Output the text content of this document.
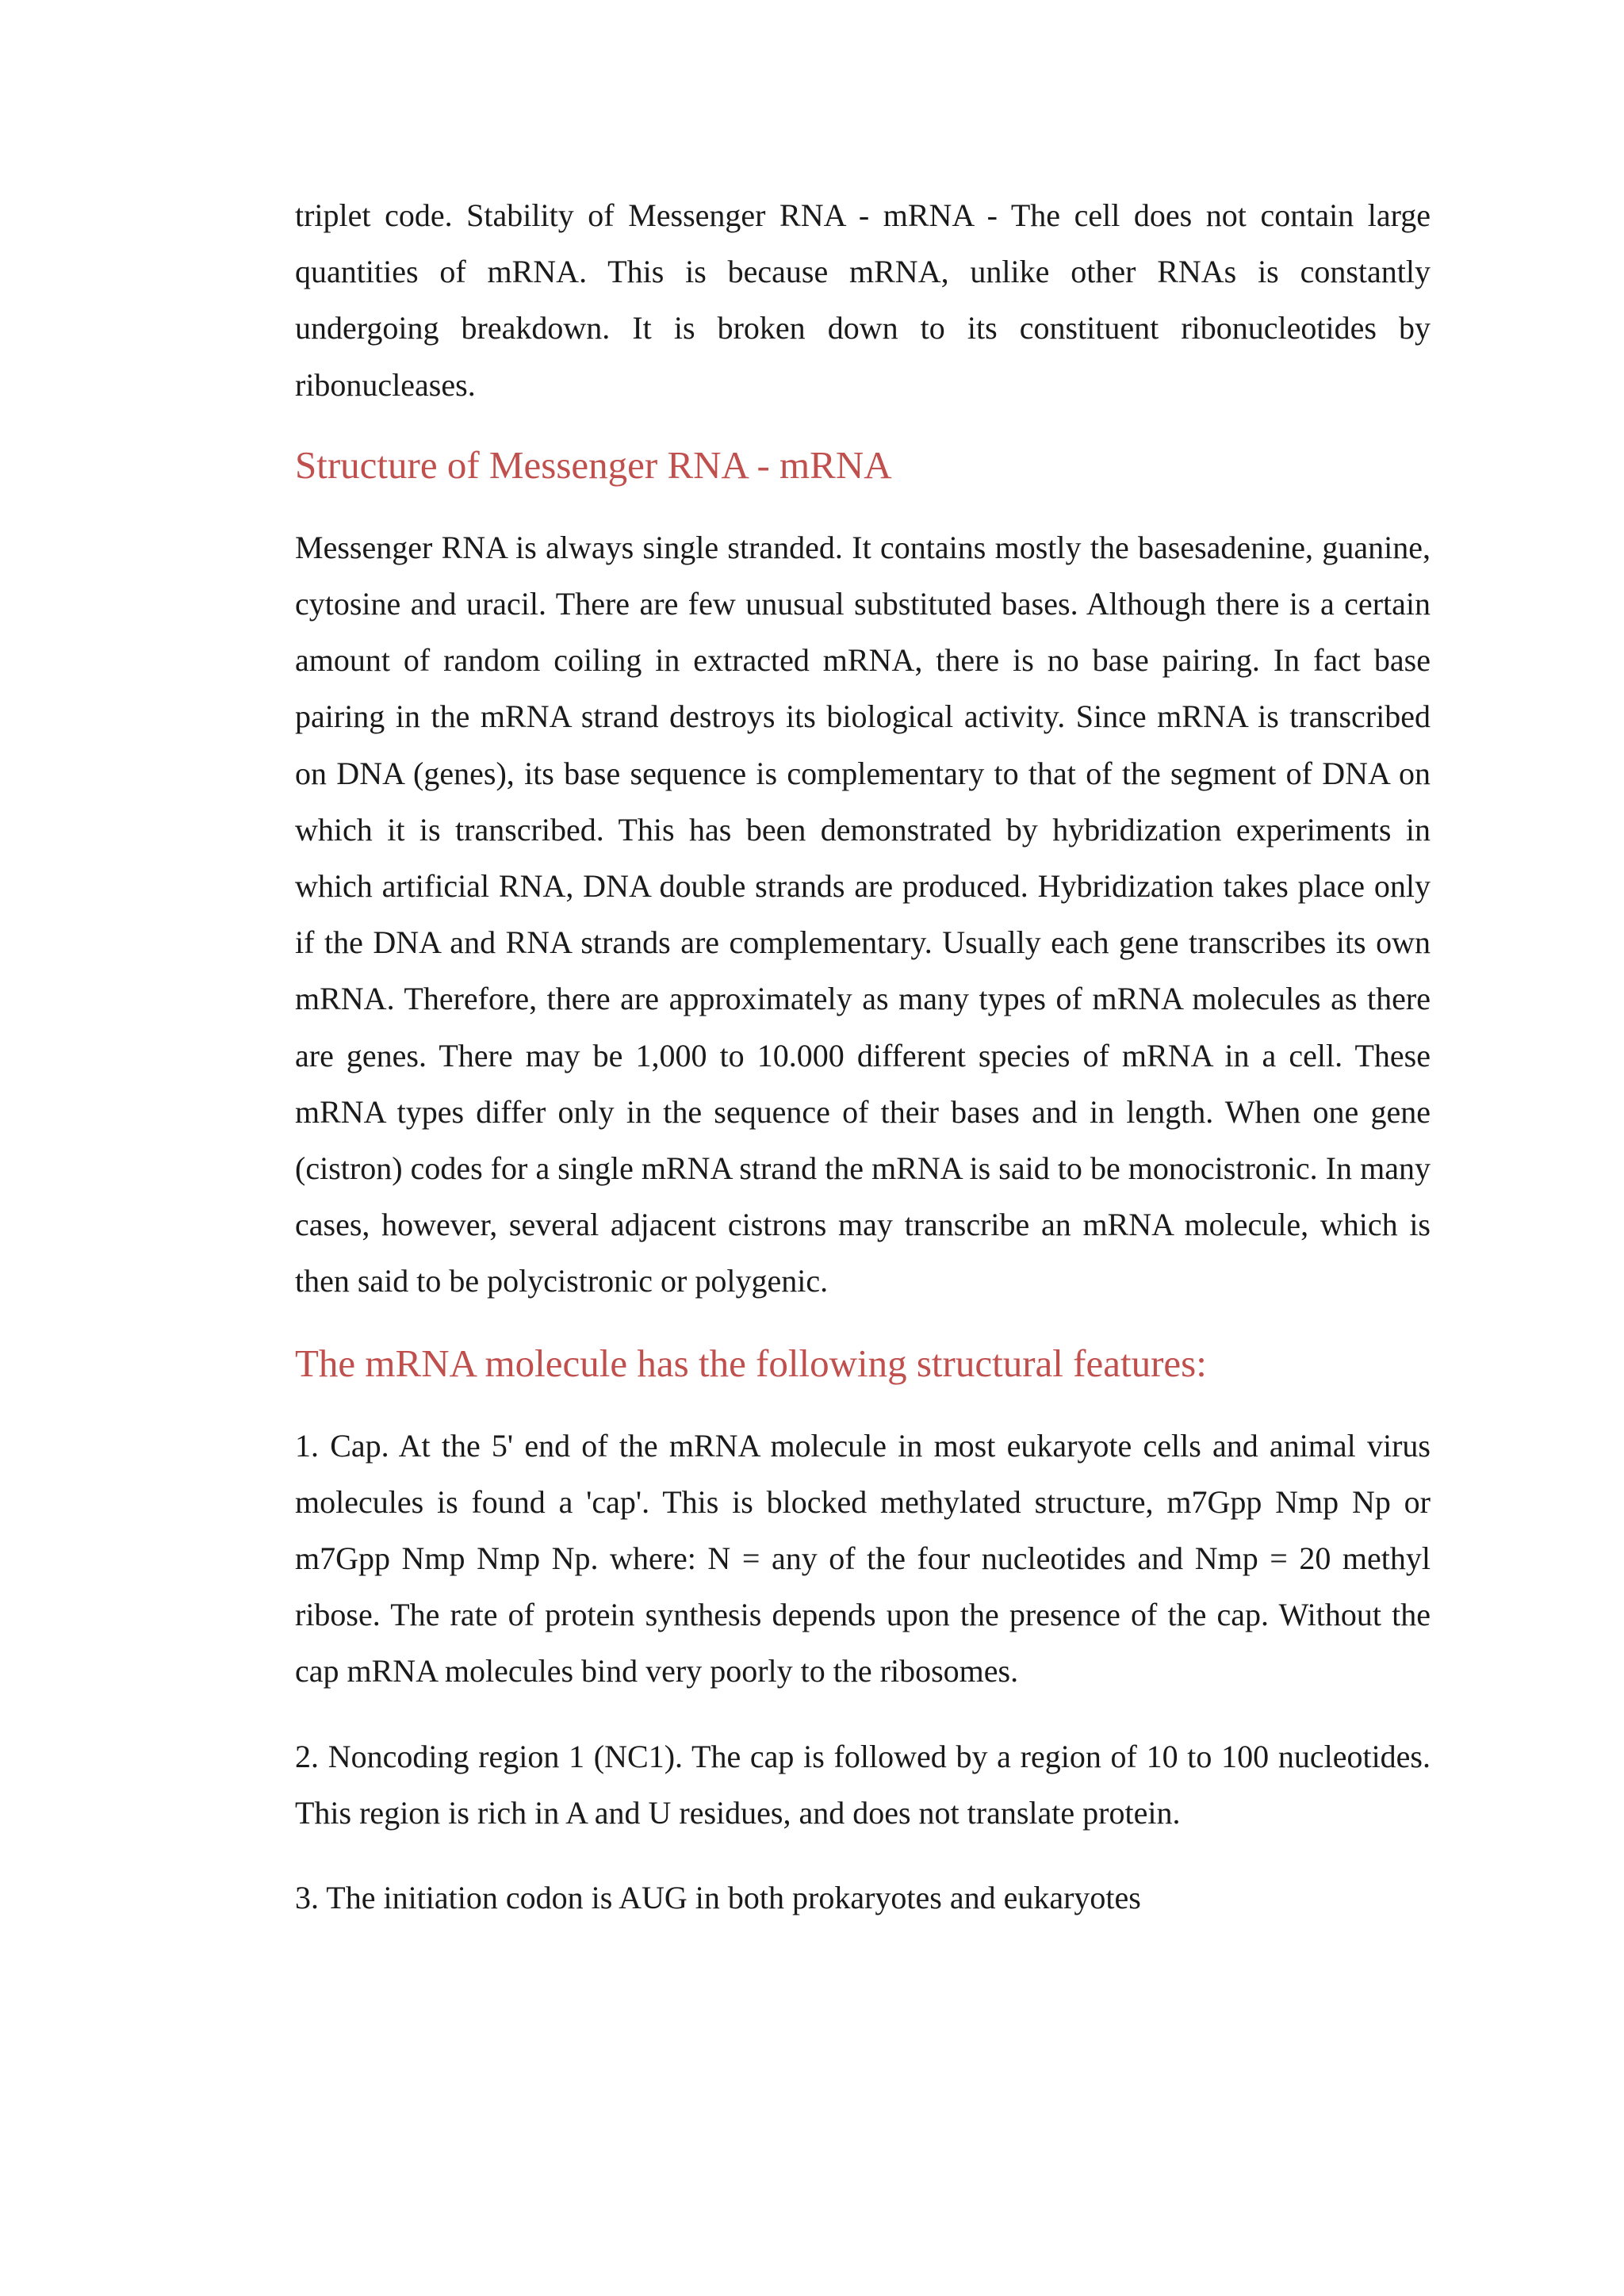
triplet code. Stability of Messenger RNA - mRNA - The cell does not contain large quantities of mRNA. This is because mRNA, unlike other RNAs is constantly undergoing breakdown. It is broken down to its constituent ribonucleotides by ribonucleases.

Structure of Messenger RNA - mRNA

Messenger RNA is always single stranded. It contains mostly the basesadenine, guanine, cytosine and uracil. There are few unusual substituted bases. Although there is a certain amount of random coiling in extracted mRNA, there is no base pairing. In fact base pairing in the mRNA strand destroys its biological activity. Since mRNA is transcribed on DNA (genes), its base sequence is complementary to that of the segment of DNA on which it is transcribed. This has been demonstrated by hybridization experiments in which artificial RNA, DNA double strands are produced. Hybridization takes place only if the DNA and RNA strands are complementary. Usually each gene transcribes its own mRNA. Therefore, there are approximately as many types of mRNA molecules as there are genes. There may be 1,000 to 10.000 different species of mRNA in a cell. These mRNA types differ only in the sequence of their bases and in length. When one gene (cistron) codes for a single mRNA strand the mRNA is said to be monocistronic. In many cases, however, several adjacent cistrons may transcribe an mRNA molecule, which is then said to be polycistronic or polygenic.

The mRNA molecule has the following structural features:

1. Cap. At the 5' end of the mRNA molecule in most eukaryote cells and animal virus molecules is found a 'cap'. This is blocked methylated structure, m7Gpp Nmp Np or m7Gpp Nmp Nmp Np. where: N = any of the four nucleotides and Nmp = 20 methyl ribose. The rate of protein synthesis depends upon the presence of the cap. Without the cap mRNA molecules bind very poorly to the ribosomes.

2. Noncoding region 1 (NC1). The cap is followed by a region of 10 to 100 nucleotides. This region is rich in A and U residues, and does not translate protein.

3. The initiation codon is AUG in both prokaryotes and eukaryotes
